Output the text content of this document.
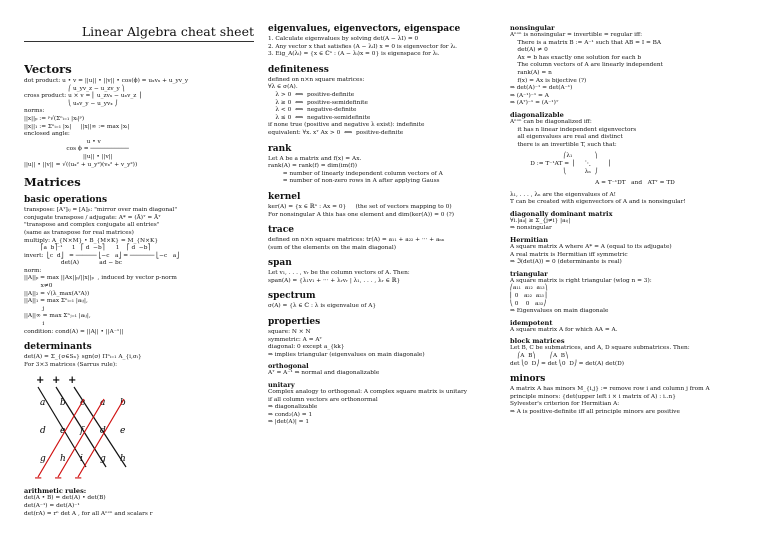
Linear Algebra cheat sheet
Vectors
dot product: u • v = ||u|| • ||v|| • cos(ϕ) = uₓvₓ + u_yv_y
⎛ u_yv_z − u_zv_y ⎞
cross product: u × v = ⎜ u_zvₓ − uₓv_z ⎟
⎝ uₓv_y − u_yvₓ ⎠
norms:
||x||ₚ := ᵖ√(Σⁿᵢ₌₁ |xᵢ|ᵖ)
||x||₁ := Σⁿᵢ₌₁ |xᵢ|     ||x||∞ := max |xᵢ|
enclosed angle:
u • v
cos ϕ = ───────────
||u|| • ||v||
||u|| • ||v|| = √((uₓ² + u_y²)(vₓ² + v_y²))
Matrices
basic operations
transpose: [Aᵀ]ᵢⱼ = [A]ⱼᵢ: "mirror over main diagonal"
conjugate transpose / adjugate: A* = (Ā)ᵀ = Āᵀ
"transpose and complex conjugate all entries"
(same as transpose for real matrices)
multiply: A_{N×M} • B_{M×K} = M_{N×K}
⎡a  b⎤⁻¹     1   ⎡ d  −b⎤      1    ⎡ d  −b⎤
invert:  ⎣c  d⎦   = ────── ⎣−c   a⎦ = ─────── ⎣−c   a⎦
det(A)           ad − bc
norm:
||A||ₚ = max ||Ax||ₚ/||x||ₚ  , induced by vector p-norm
x≠0
||A||₂ = √(λ_max(AᵀA))
||A||₁ = max Σⁿᵢ₌₁ |aᵢⱼ|,
j
||A||∞ = max Σⁿⱼ₌₁ |aᵢⱼ|,
i
condition: cond(A) = ||A|| • ||A⁻¹||
determinants
det(A) = Σ_{σ∈Sₙ} sgn(σ) Πⁿᵢ₌₁ A_{i,σᵢ}
For 3×3 matrices (Sarrus rule):
+ + +
a b c a b
d e f d e
g h i g h
− − −
arithmetic rules:
det(A • B) = det(A) • det(B)
det(A⁻¹) = det(A)⁻¹
det(rA) = rⁿ det A , for all Aⁿˣⁿ and scalars r
eigenvalues, eigenvectors, eigenspace
1. Calculate eigenvalues by solving det(A − λI) = 0
2. Any vector x that satisfies (A − λᵢI) x = 0 is eigenvector for λᵢ.
3. Eig_A(λᵢ) = {x ∈ ℂⁿ : (A − λᵢ)x = 0} is eigenspace for λᵢ.
definiteness
defined on n×n square matrices:
∀λ ∈ σ(A).
λ > 0  ⟺  positive-definite
λ ≥ 0  ⟺  positive-semidefinite
λ < 0  ⟺  negative-definite
λ ≤ 0  ⟺  negative-semidefinite
if none true (positive and negative λ exist): indefinite
equivalent: ∀x. xᵀ Ax > 0  ⟺  positive-definite
rank
Let A be a matrix and f(x) = Ax.
rank(A) = rank(f) = dim(im(f))
= number of linearly independent column vectors of A
= number of non-zero rows in A after applying Gauss
kernel
ker(A) = {x ∈ ℝⁿ : Ax = 0}     (the set of vectors mapping to 0)
For nonsingular A this has one element and dim(ker(A)) = 0 (?)
trace
defined on n×n square matrices: tr(A) = a₁₁ + a₂₂ + ··· + aₙₙ
(sum of the elements on the main diagonal)
span
Let v₁, . . . , vᵣ be the column vectors of A. Then:
span(A) = {λ₁v₁ + ··· + λᵣvᵣ | λ₁, . . . , λᵣ ∈ ℝ}
spectrum
σ(A) = {λ ∈ ℂ : λ is eigenvalue of A}
properties
square: N × N
symmetric: A = Aᵀ
diagonal: 0 except a_{kk}
⇒ implies triangular (eigenvalues on main diagonale)
orthogonal
Aᵀ = A⁻¹ ⇒ normal and diagonalizable
unitary
Complex analogy to orthogonal: A complex square matrix is unitary
if all column vectors are orthonormal
⇒ diagonalizable
⇒ cond₂(A) = 1
⇒ |det(A)| = 1
nonsingular
Aⁿˣⁿ is nonsingular = invertible = regular iff:
There is a matrix B := A⁻¹ such that AB = I = BA
det(A) ≠ 0
Ax = b has exactly one solution for each b
The column vectors of A are linearly independent
rank(A) = n
f(x) = Ax is bijective (?)
⇒ det(A)⁻¹ = det(A⁻¹)
⇒ (A⁻¹)⁻¹ = A
⇒ (Aᵀ)⁻¹ = (A⁻¹)ᵀ
diagonalizable
Aⁿˣⁿ can be diagonalized iff:
it has n linear independent eigenvectors
all eigenvalues are real and distinct
there is an invertible T, such that:
⎛λ₁            ⎞
D := T⁻¹AT =  ⎜     ⋱         ⎟
⎝          λₙ  ⎠
A = T⁻¹DT   and   ATᵀ = TD
λ₁, . . . , λₙ are the eigenvalues of A!
T can be created with eigenvectors of A and is nonsingular!
diagonally dominant matrix
∀i.|aᵢᵢ| ≥ Σ_{j≠i} |aᵢⱼ|
⇒ nonsingular
Hermitian
A square matrix A where A* = A (equal to its adjugate)
A real matrix is Hermitian iff symmetric
⇒ ℑ(det(A)) = 0 (determinante is real)
triangular
A square matrix is right triangular (wlog n = 3):
⎛a₁₁  a₁₂  a₁₃⎞
⎜ 0   a₂₂  a₂₃⎟
⎝ 0    0   a₃₃⎠
⇒ Eigenvalues on main diagonale
idempotent
A square matrix A for which AA = A.
block matrices
Let B, C be submatrices, and A, D square submatrices. Then:
⎛A  B⎞        ⎛A  B⎞
det ⎝0  D⎠ = det ⎝0  D⎠ = det(A) det(D)
minors
A matrix A has minors M_{i,j} := remove row i and column j from A
principle minors: {det(upper left i × i matrix of A) : i..n}
Sylvester's criterion for Hermitian A:
⇒ A is positive-definite iff all principle minors are positive
